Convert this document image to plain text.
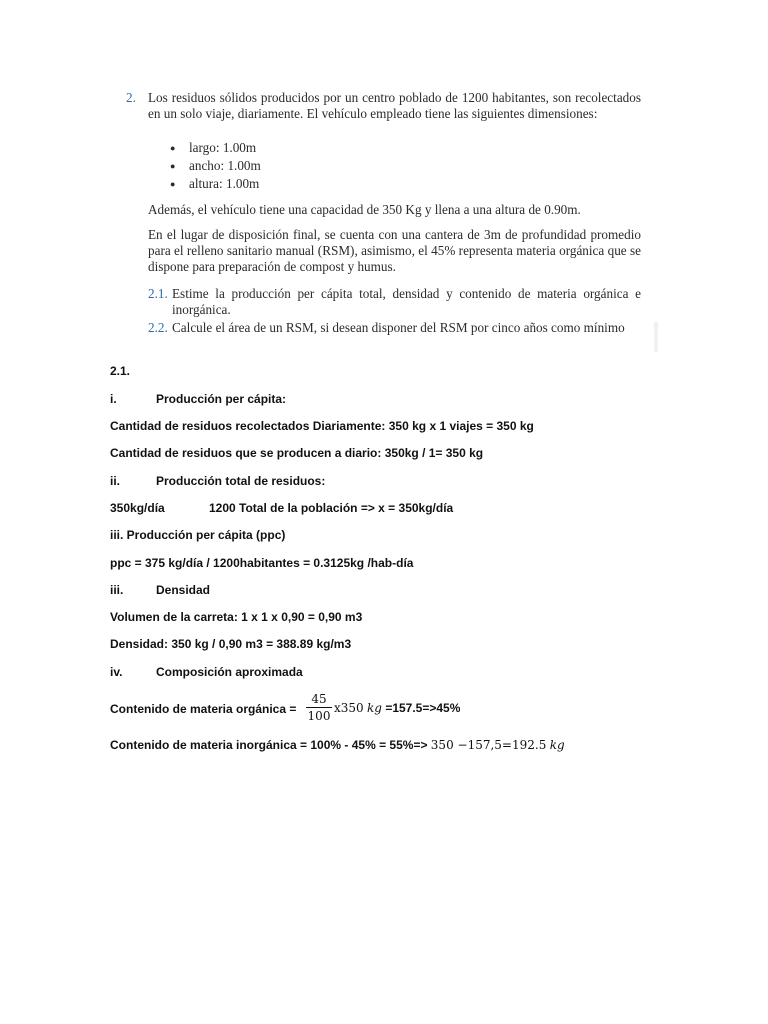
2. Los residuos sólidos producidos por un centro poblado de 1200 habitantes, son recolectados en un solo viaje, diariamente. El vehículo empleado tiene las siguientes dimensiones:
● largo: 1.00m
● ancho: 1.00m
● altura: 1.00m
Además, el vehículo tiene una capacidad de 350 Kg y llena a una altura de 0.90m.
En el lugar de disposición final, se cuenta con una cantera de 3m de profundidad promedio para el relleno sanitario manual (RSM), asimismo, el 45% representa materia orgánica que se dispone para preparación de compost y humus.
2.1. Estime la producción per cápita total, densidad y contenido de materia orgánica e inorgánica.
2.2. Calcule el área de un RSM, si desean disponer del RSM por cinco años como mínimo
2.1.
i.	Producción per cápita:
Cantidad de residuos recolectados Diariamente: 350 kg x 1 viajes = 350 kg
Cantidad de residuos que se producen a diario: 350kg / 1= 350 kg
ii.	Producción total de residuos:
350kg/día	1200 Total de la población => x = 350kg/día
iii. Producción per cápita (ppc)
ppc = 375 kg/día / 1200habitantes = 0.3125kg /hab-día
iii.	Densidad
Volumen de la carreta: 1 x 1 x 0,90 = 0,90 m3
Densidad: 350 kg / 0,90 m3 = 388.89 kg/m3
iv.	Composición aproximada
Contenido de materia orgánica =
45
100
x350 kg =157.5=>45%
Contenido de materia inorgánica = 100% - 45% = 55%=> 350 −157,5=192.5 kg
